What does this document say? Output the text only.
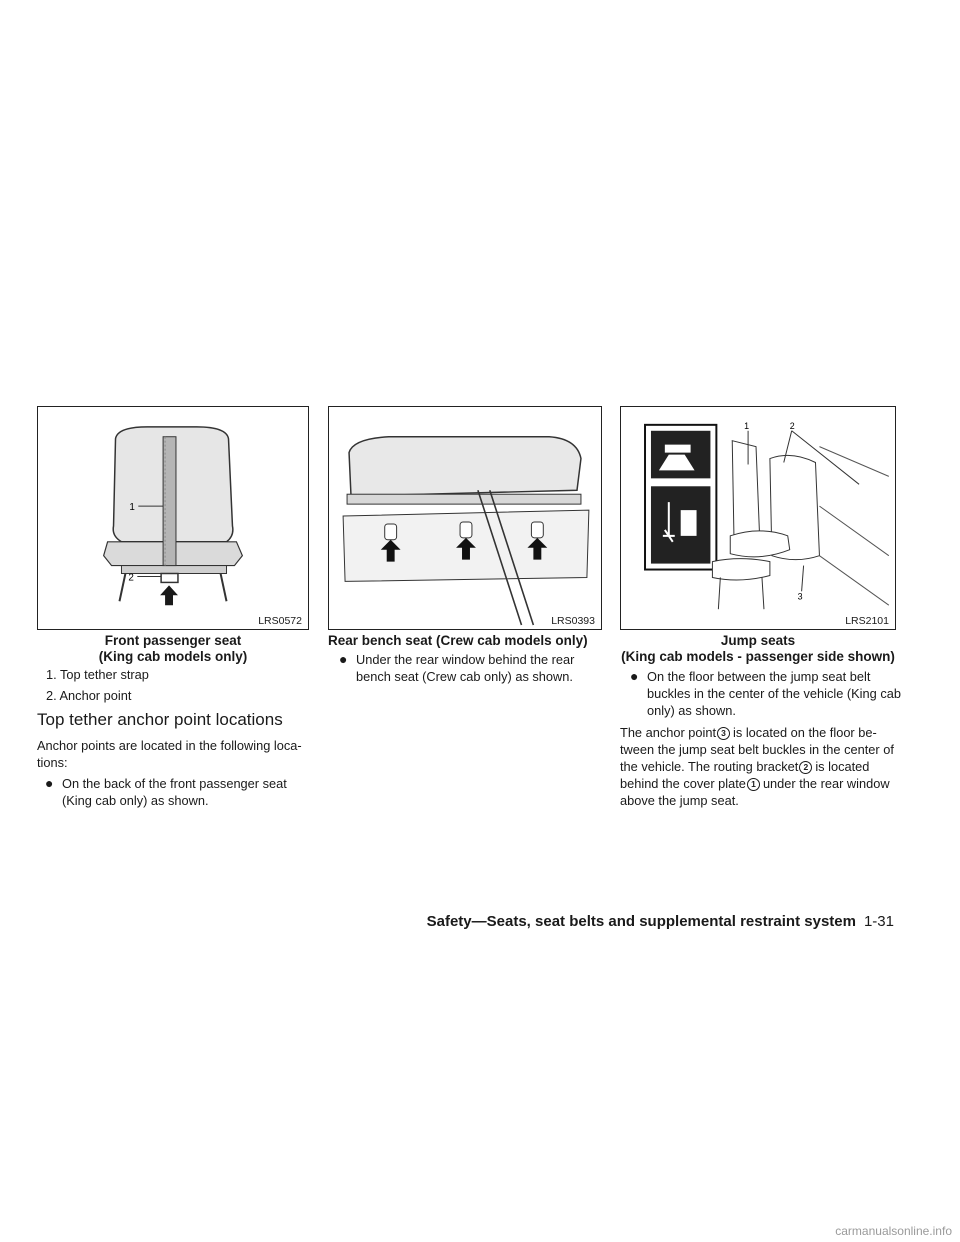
1
2
LRS0572	LRS0393
1	2
3
LRS2101
Front passenger seat
(King cab models only)
Rear bench seat (Crew cab models only)	Jump seats
(King cab models - passenger side shown)
1. Top tether strap
2. Anchor point
Top tether anchor point locations
Anchor points are located in the following loca-
tions:
● On the back of the front passenger seat
(King cab only) as shown.
● Under the rear window behind the rear
bench seat (Crew cab only) as shown.	● On the floor between the jump seat belt
buckles in the center of the vehicle (King cab
only) as shown.
The anchor point 3 is located on the floor be-
tween the jump seat belt buckles in the center of
the vehicle. The routing bracket 2 is located
behind the cover plate 1 under the rear window
above the jump seat.
Safety—Seats, seat belts and supplemental restraint system 1-31
carmanualsonline.info
